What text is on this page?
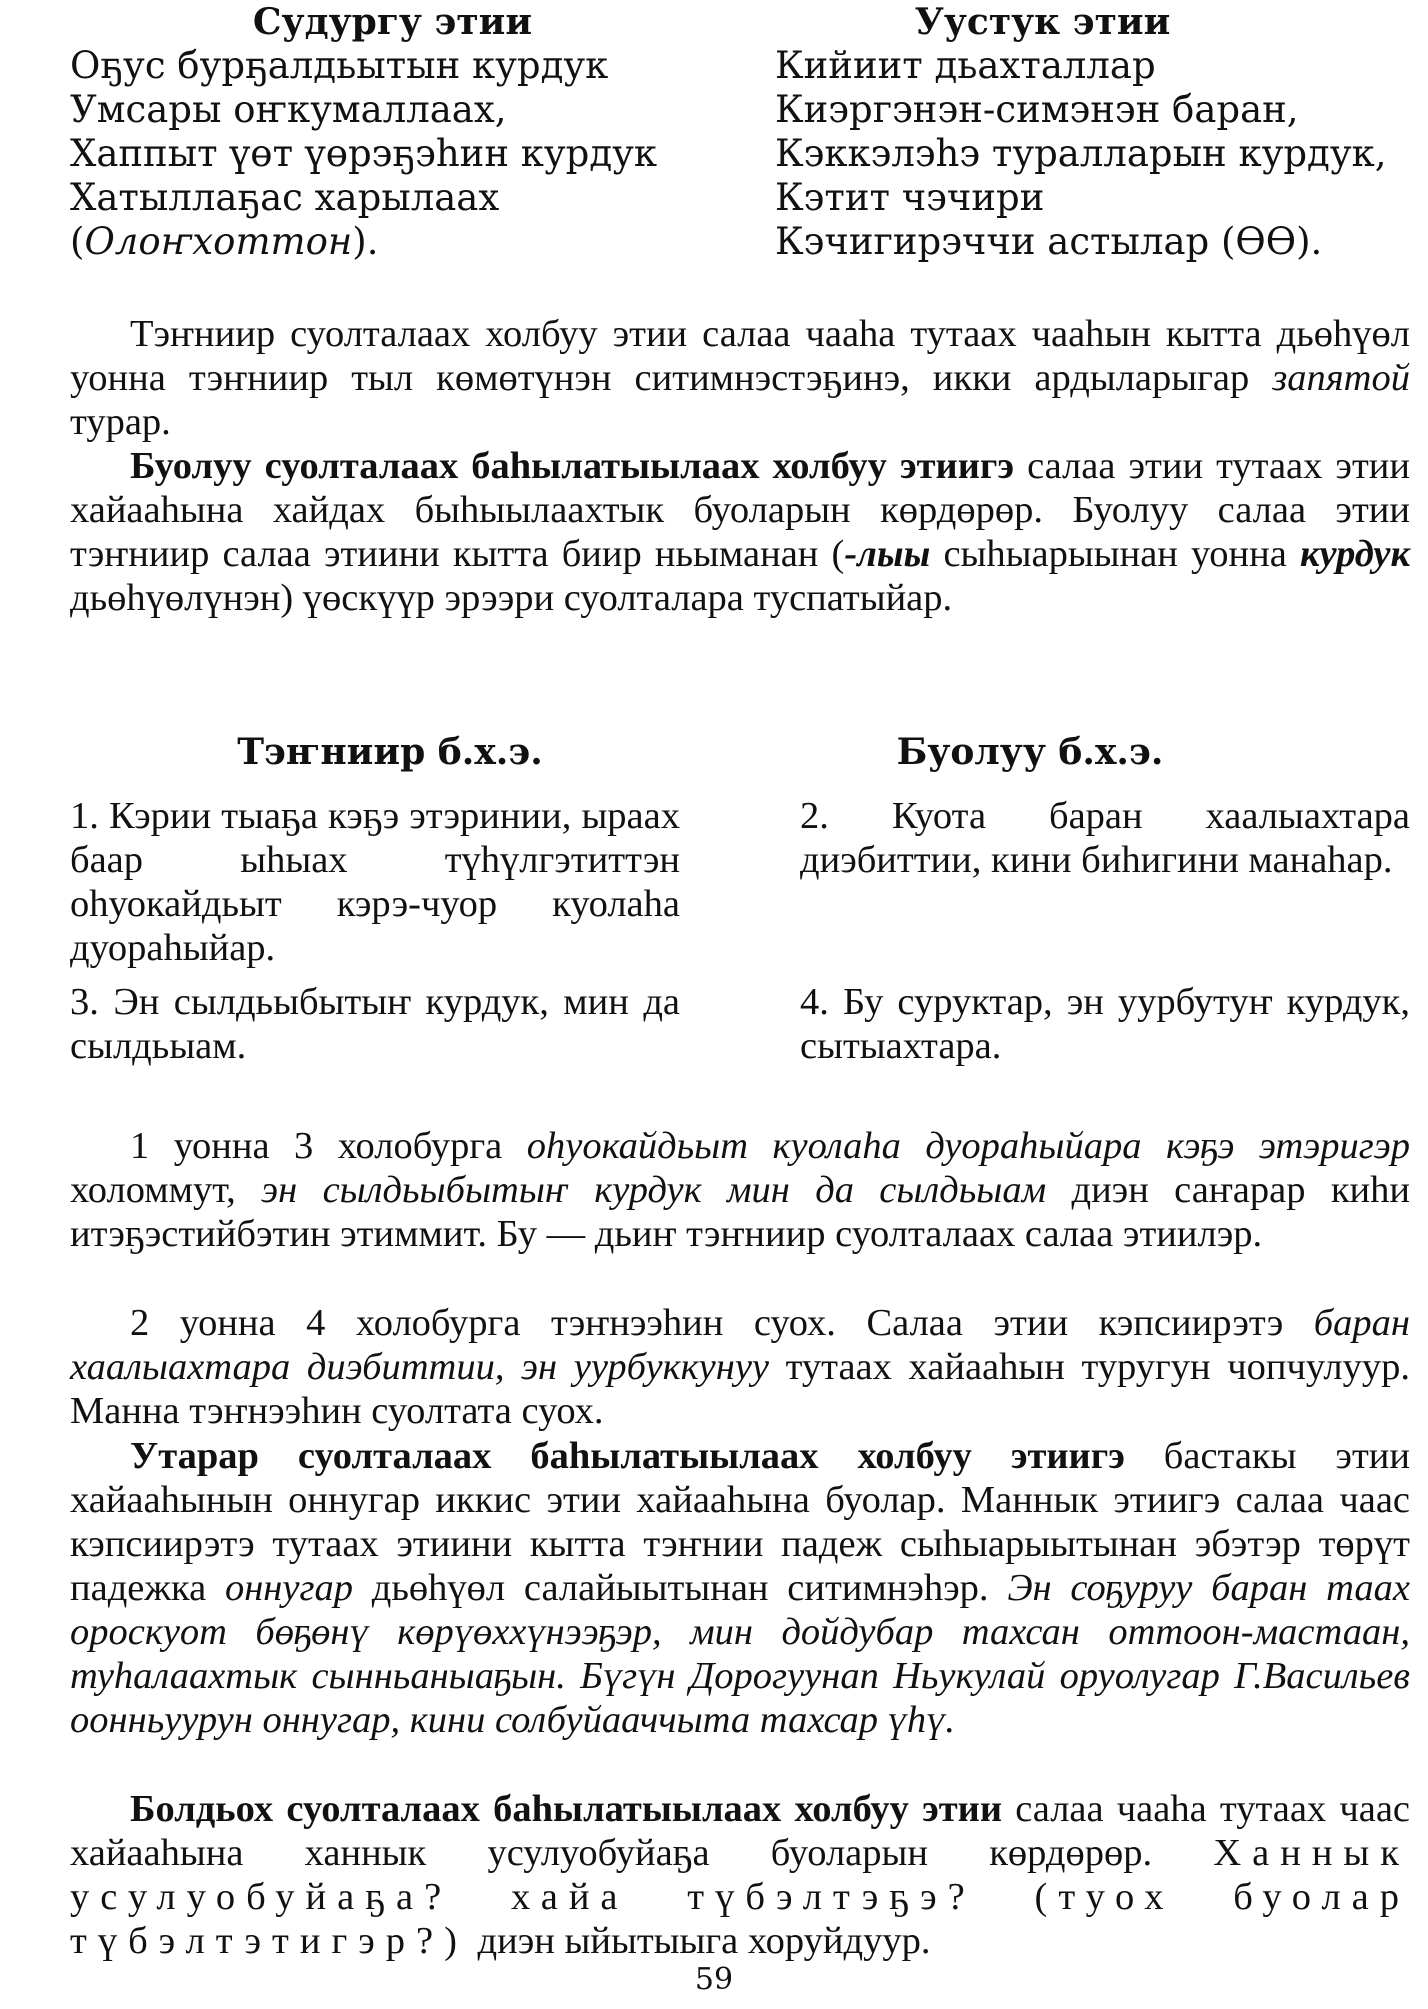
Судургу этии
Оҕус бурҕалдьытын курдук
Умсары оҥкумаллаах,
Хаппыт үөт үөрэҕэһин курдук
Хатыллаҕас харылаах
(Олоҥхоттон).
Уустук этии
Кийиит дьахталлар
Киэргэнэн-симэнэн баран,
Кэккэлэһэ туралларын курдук,
Кэтит чэчири
Кэчигирэччи астылар (ӨӨ).

Тэҥниир суолталаах холбуу этии салаа чааһа тутаах чааһын кытта дьөһүөл уонна тэҥниир тыл көмөтүнэн ситимнэстэҕинэ, икки ардыларыгар запятой турар.

Буолуу суолталаах баһылатыылаах холбуу этиигэ салаа этии тутаах этии хайааһына хайдах быһыылаахтык буоларын көрдөрөр. Буолуу салаа этии тэҥниир салаа этиини кытта биир ньыманан (-лыы сыһыарыынан уонна курдук дьөһүөлүнэн) үөскүүр эрээри суолталара туспатыйар.

Тэҥниир б.х.э.	Буолуу б.х.э.

1. Кэрии тыаҕа кэҕэ этэринии, ыраах баар ыһыах түһүлгэтиттэн оһуокайдьыт кэрэ-чуор куолаһа дуораһыйар.

2. Куота баран хаалыахтара диэбиттии, кини биһигини манаһар.

3. Эн сылдьыбытыҥ курдук, мин да сылдьыам.

4. Бу суруктар, эн уурбутуҥ курдук, сытыахтара.

1 уонна 3 холобурга оһуокайдьыт куолаһа дуораһыйара кэҕэ этэригэр холоммут, эн сылдьыбытыҥ курдук мин да сылдьыам диэн саҥарар киһи итэҕэстийбэтин этиммит. Бу — дьиҥ тэҥниир суолталаах салаа этиилэр.

2 уонна 4 холобурга тэҥнээһин суох. Салаа этии кэпсиирэтэ баран хаалыахтара диэбиттии, эн уурбуккунуу тутаах хайааһын туругун чопчулуур. Манна тэҥнээһин суолтата суох.

Утарар суолталаах баһылатыылаах холбуу этиигэ бастакы этии хайааһынын оннугар иккис этии хайааһына буолар. Маннык этиигэ салаа чаас кэпсиирэтэ тутаах этиини кытта тэҥнии падеж сыһыарыытынан эбэтэр төрүт падежка оннугар дьөһүөл салайыытынан ситимнэһэр. Эн соҕуруу баран таах ороскуот бөҕөнү көрүөххүнээҕэр, мин дойдубар тахсан оттоон-мастаан, туһалаахтык сынньаныаҕын. Бүгүн Дорогуунап Ньукулай оруолугар Г.Васильев оонньуурун оннугар, кини солбуйааччыта тахсар үһү.

Болдьох суолталаах баһылатыылаах холбуу этии салаа чааһа тутаах чаас хайааһына ханнык усулуобуйаҕа буоларын көрдөрөр. Ханнык усулуобуйаҕа? хайа түбэлтэҕэ? (туох буолар түбэлтэтигэр?) диэн ыйытыыга хоруйдуур.

59
